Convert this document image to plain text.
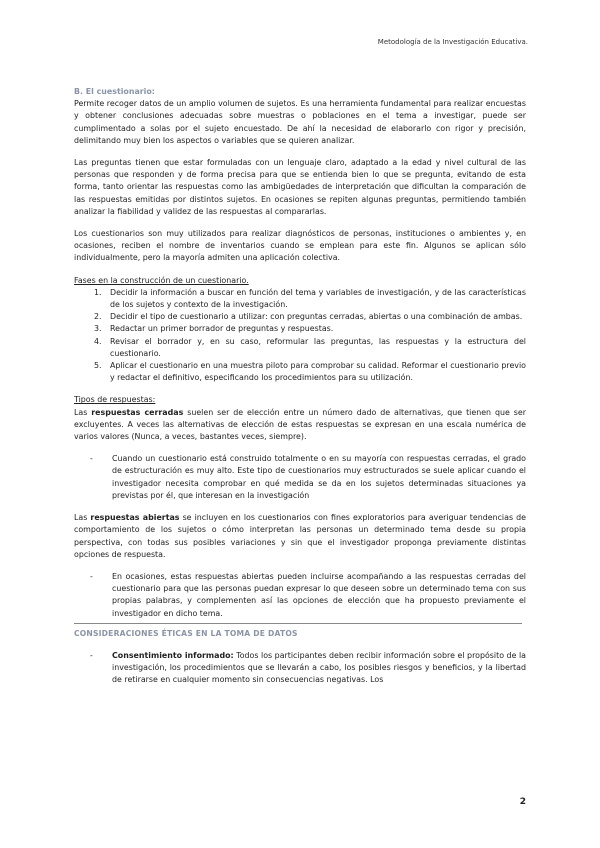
Metodología de la Investigación Educativa.
B. El cuestionario:

Permite recoger datos de un amplio volumen de sujetos. Es una herramienta fundamental para realizar encuestas y obtener conclusiones adecuadas sobre muestras o poblaciones en el tema a investigar, puede ser cumplimentado a solas por el sujeto encuestado. De ahí la necesidad de elaborarlo con rigor y precisión, delimitando muy bien los aspectos o variables que se quieren analizar.

Las preguntas tienen que estar formuladas con un lenguaje claro, adaptado a la edad y nivel cultural de las personas que responden y de forma precisa para que se entienda bien lo que se pregunta, evitando de esta forma, tanto orientar las respuestas como las ambigüedades de interpretación que dificultan la comparación de las respuestas emitidas por distintos sujetos. En ocasiones se repiten algunas preguntas, permitiendo también analizar la fiabilidad y validez de las respuestas al compararlas.

Los cuestionarios son muy utilizados para realizar diagnósticos de personas, instituciones o ambientes y, en ocasiones, reciben el nombre de inventarios cuando se emplean para este fin. Algunos se aplican sólo individualmente, pero la mayoría admiten una aplicación colectiva.

Fases en la construcción de un cuestionario.
1. Decidir la información a buscar en función del tema y variables de investigación, y de las características de los sujetos y contexto de la investigación.
2. Decidir el tipo de cuestionario a utilizar: con preguntas cerradas, abiertas o una combinación de ambas.
3. Redactar un primer borrador de preguntas y respuestas.
4. Revisar el borrador y, en su caso, reformular las preguntas, las respuestas y la estructura del cuestionario.
5. Aplicar el cuestionario en una muestra piloto para comprobar su calidad. Reformar el cuestionario previo y redactar el definitivo, especificando los procedimientos para su utilización.
Tipos de respuestas:

Las respuestas cerradas suelen ser de elección entre un número dado de alternativas, que tienen que ser excluyentes. A veces las alternativas de elección de estas respuestas se expresan en una escala numérica de varios valores (Nunca, a veces, bastantes veces, siempre).

-	Cuando un cuestionario está construido totalmente o en su mayoría con respuestas cerradas, el grado de estructuración es muy alto. Este tipo de cuestionarios muy estructurados se suele aplicar cuando el investigador necesita comprobar en qué medida se da en los sujetos determinadas situaciones ya previstas por él, que interesan en la investigación

Las respuestas abiertas se incluyen en los cuestionarios con fines exploratorios para averiguar tendencias de comportamiento de los sujetos o cómo interpretan las personas un determinado tema desde su propia perspectiva, con todas sus posibles variaciones y sin que el investigador proponga previamente distintas opciones de respuesta.

-	En ocasiones, estas respuestas abiertas pueden incluirse acompañando a las respuestas cerradas del cuestionario para que las personas puedan expresar lo que deseen sobre un determinado tema con sus propias palabras, y complementen así las opciones de elección que ha propuesto previamente el investigador en dicho tema.
CONSIDERACIONES ÉTICAS EN LA TOMA DE DATOS
-	Consentimiento informado: Todos los participantes deben recibir información sobre el propósito de la investigación, los procedimientos que se llevarán a cabo, los posibles riesgos y beneficios, y la libertad de retirarse en cualquier momento sin consecuencias negativas. Los
2
